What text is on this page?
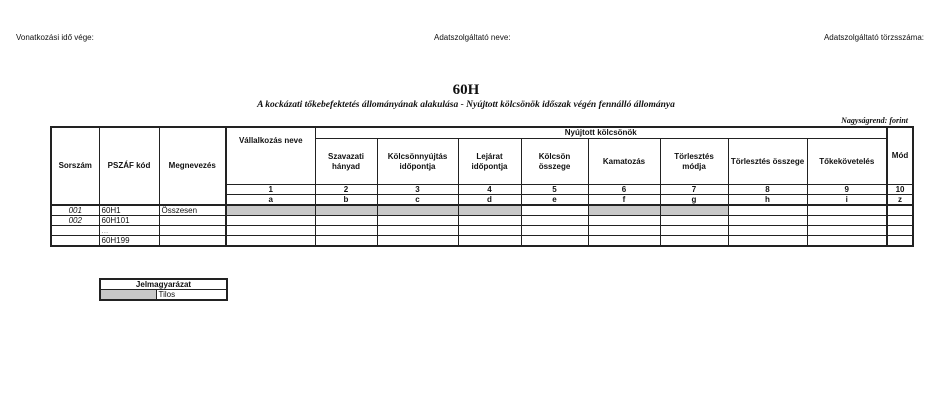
Vonatkozási idő vége:	Adatszolgáltató neve:	Adatszolgáltató törzsszáma:
60H
A kockázati tőkebefektetés állományának alakulása - Nyújtott kölcsönök időszak végén fennálló állománya
Nagyságrend: forint
Sorszám	PSZÁF kód	Megnevezés	Vállalkozás neve	Nyújtott kölcsönök								Mód
				Szavazati hányad	Kölcsönnyújtás időpontja	Lejárat időpontja	Kölcsön összege	Kamatozás	Törlesztés módja	Törlesztés összege	Tőkekövetelés	
			1	2	3	4	5	6	7	8	9	10
			a	b	c	d	e	f	g	h	i	z
001	60H1	Összesen										
002	60H101											
	...											
	60H199											
Jelmagyarázat
	Tilos
